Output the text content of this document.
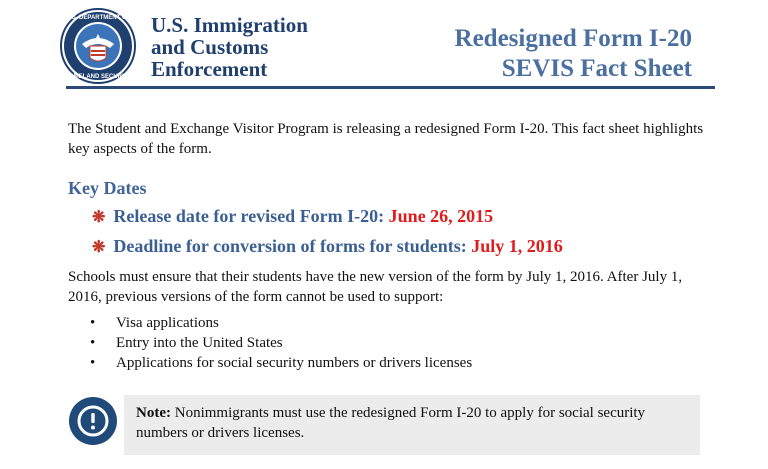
U.S. DEPARTMENT OF
HOMELAND SECURITY
U.S. Immigration
and Customs
Enforcement
Redesigned Form I-20
SEVIS Fact Sheet
The Student and Exchange Visitor Program is releasing a redesigned Form I-20. This fact sheet highlights key aspects of the form.
Key Dates
❋ Release date for revised Form I-20: June 26, 2015
❋ Deadline for conversion of forms for students: July 1, 2016
Schools must ensure that their students have the new version of the form by July 1, 2016. After July 1, 2016, previous versions of the form cannot be used to support:
• Visa applications
• Entry into the United States
• Applications for social security numbers or drivers licenses
Note: Nonimmigrants must use the redesigned Form I-20 to apply for social security numbers or drivers licenses.
